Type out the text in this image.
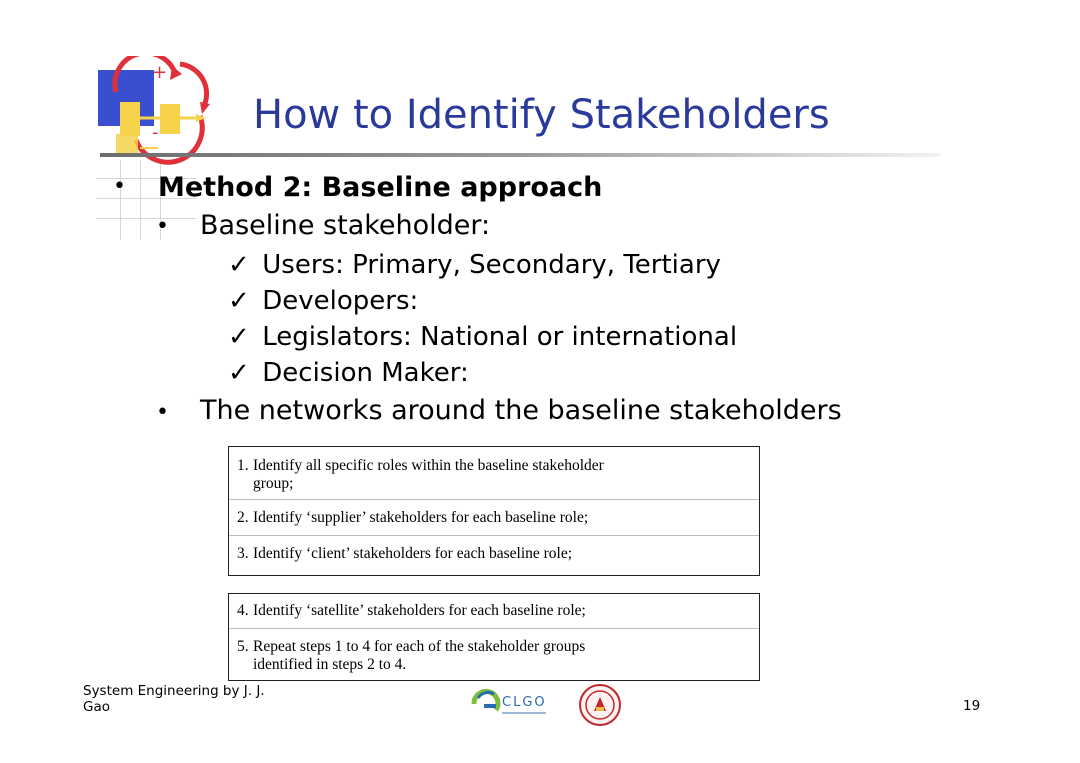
+
- How to Identify Stakeholders
• Method 2: Baseline approach
• Baseline stakeholder:
✓ Users: Primary, Secondary, Tertiary
✓ Developers:
✓ Legislators: National or international
✓ Decision Maker:
• The networks around the baseline stakeholders
1. Identify all specific roles within the baseline stakeholder
group;
2. Identify ‘supplier’ stakeholders for each baseline role;
3. Identify ‘client’ stakeholders for each baseline role;
4. Identify ‘satellite’ stakeholders for each baseline role;
5. Repeat steps 1 to 4 for each of the stakeholder groups
identified in steps 2 to 4.
System Engineering by J. J.
Gao	CLGO	19
